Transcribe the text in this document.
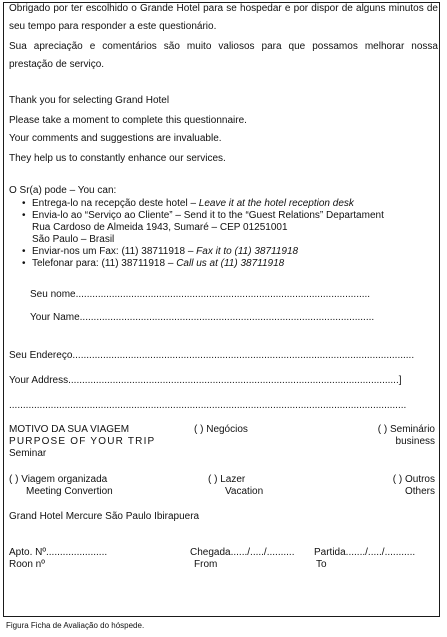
Obrigado por ter escolhido o Grande Hotel para se hospedar e por dispor de alguns minutos de seu tempo para responder a este questionário.
Sua apreciação e comentários são muito valiosos para que possamos melhorar nossa prestação de serviço.
Thank you for selecting Grand Hotel
Please take a moment to complete this questionnaire.
Your comments and suggestions are invaluable.
They help us to constantly enhance our services.
O Sr(a) pode – You can:
• Entrega-lo na recepção deste hotel – Leave it at the hotel reception desk
• Envia-lo ao “Serviço ao Cliente” – Send it to the “Guest Relations” Departament
Rua Cardoso de Almeida 1943, Sumaré – CEP 01251001
São Paulo – Brasil
• Enviar-nos um Fax: (11) 38711918 – Fax it to (11) 38711918
• Telefonar para: (11) 38711918 – Call us at (11) 38711918
Seu nome..........................................................................................................
Your Name..........................................................................................................
Seu Endereço...........................................................................................................................
Your Address.......................................................................................................................]
...............................................................................................................................................
MOTIVO DA SUA VIAGEM
PURPOSE OF YOUR TRIP
Seminar
( ) Negócios	( ) Seminário
business
( ) Viagem organizada
Meeting Convertion
( ) Lazer
Vacation
( ) Outros
Others
Grand Hotel Mercure São Paulo Ibirapuera
Apto. Nº......................
Roon nº
Chegada....../...../..........
From
Partida......./...../...........
To
Figura Ficha de Avaliação do hóspede.
